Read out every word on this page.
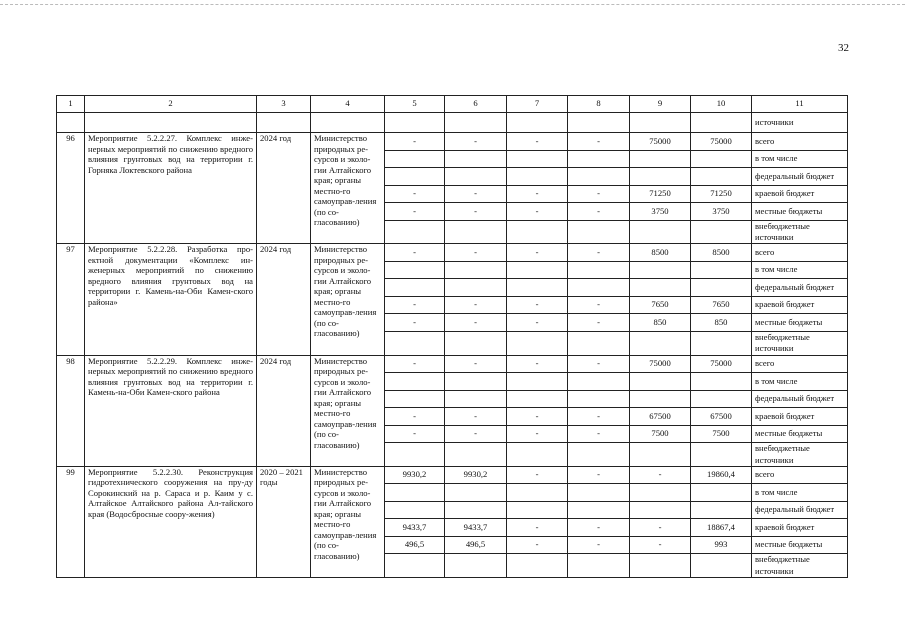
32
1	2	3	4	5	6	7	8	9	10	11
										источники
96	Мероприятие 5.2.2.27. Комплекс инже-нерных мероприятий по снижению вредного влияния грунтовых вод на территории г. Горняка Локтевского района	2024 год	Министерство природных ре-сурсов и эколо-гии Алтайского края; органы местно-го самоуправ-ления (по со-гласованию)	-	-	-	-	75000	75000	всего
										в том числе
										федеральный бюджет
				-	-	-	-	71250	71250	краевой бюджет
				-	-	-	-	3750	3750	местные бюджеты
										внебюджетные источники
97	Мероприятие 5.2.2.28. Разработка про-ектной документации «Комплекс ин-женерных мероприятий по снижению вредного влияния грунтовых вод на территории г. Камень-на-Оби Камен-ского района»	2024 год	Министерство природных ре-сурсов и эколо-гии Алтайского края; органы местно-го самоуправ-ления (по со-гласованию)	-	-	-	-	8500	8500	всего
										в том числе
										федеральный бюджет
				-	-	-	-	7650	7650	краевой бюджет
				-	-	-	-	850	850	местные бюджеты
										внебюджетные источники
98	Мероприятие 5.2.2.29. Комплекс инже-нерных мероприятий по снижению вредного влияния грунтовых вод на территории г. Камень-на-Оби Камен-ского района	2024 год	Министерство природных ре-сурсов и эколо-гии Алтайского края; органы местно-го самоуправ-ления (по со-гласованию)	-	-	-	-	75000	75000	всего
										в том числе
										федеральный бюджет
				-	-	-	-	67500	67500	краевой бюджет
				-	-	-	-	7500	7500	местные бюджеты
										внебюджетные источники
99	Мероприятие 5.2.2.30. Реконструкция гидротехнического сооружения на пру-ду Сорокинский на р. Сараса и р. Каим у с. Алтайское Алтайского района Ал-тайского края (Водосбросные соору-жения)	2020 – 2021 годы	Министерство природных ре-сурсов и эколо-гии Алтайского края; органы местно-го самоуправ-ления (по со-гласованию)	9930,2	9930,2	-	-	-	19860,4	всего
										в том числе
										федеральный бюджет
				9433,7	9433,7	-	-	-	18867,4	краевой бюджет
				496,5	496,5	-	-	-	993	местные бюджеты
										внебюджетные источники
